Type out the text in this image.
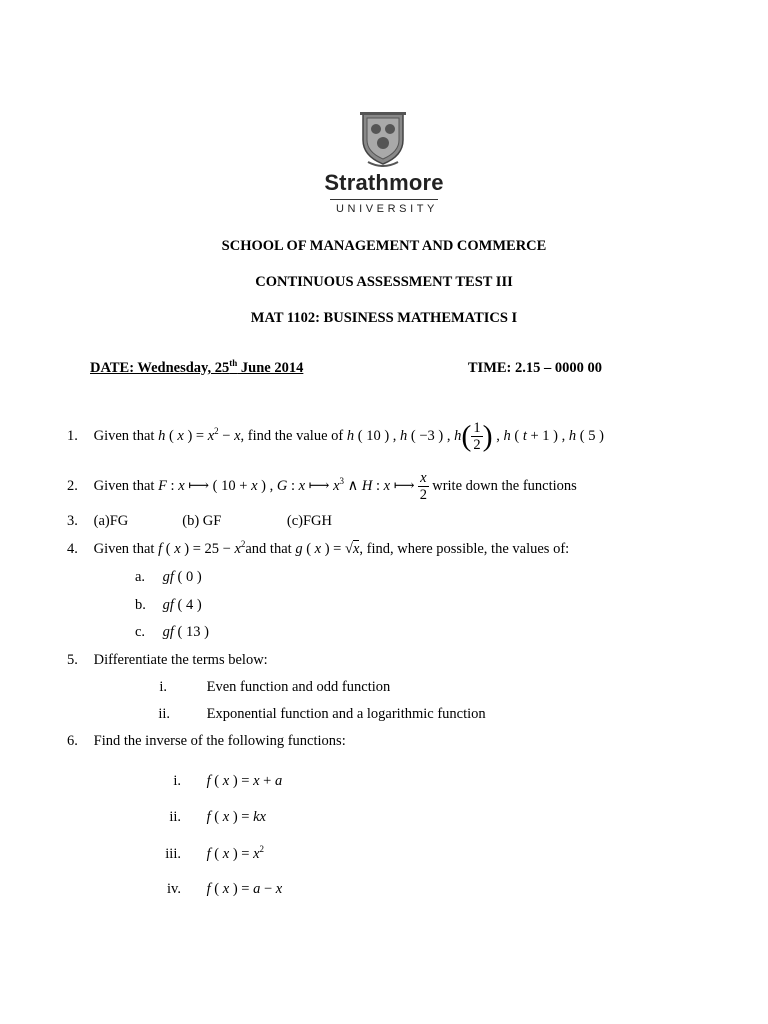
Strathmore
UNIVERSITY
SCHOOL OF MANAGEMENT AND COMMERCE
CONTINUOUS ASSESSMENT TEST III
MAT 1102: BUSINESS MATHEMATICS I
DATE: Wednesday, 25th June 2014	TIME: 2.15 – 0000 00
1. Given that h ( x ) = $x^2 - x$, find the value of h ( 10 ) , h ( −3 ) , $h( \frac{1}{2}$ ) , h ( t + 1 ) , h ( 5 )
2. Given that F : x ⟼ ( 10 + x ) , G : x ⟼ $x^3$ ∧ H : x ⟼ $\frac{x}{2}$ write down the functions
3. (a)FG	(b) GF	(c)FGH
4. Given that f ( x ) = $25 - x^2and$ that g ( x ) = √x, find, where possible, the values of:
a. gf ( 0 )
b. gf ( 4 )
c. gf ( 13 )
5. Differentiate the terms below:
i.	Even function and odd function
ii.	Exponential function and a logarithmic function
6. Find the inverse of the following functions:
i. f ( x ) = x + a
ii. f ( x ) = kx
iii. f ( x ) = $x^2$
iv. f ( x ) = a − x
